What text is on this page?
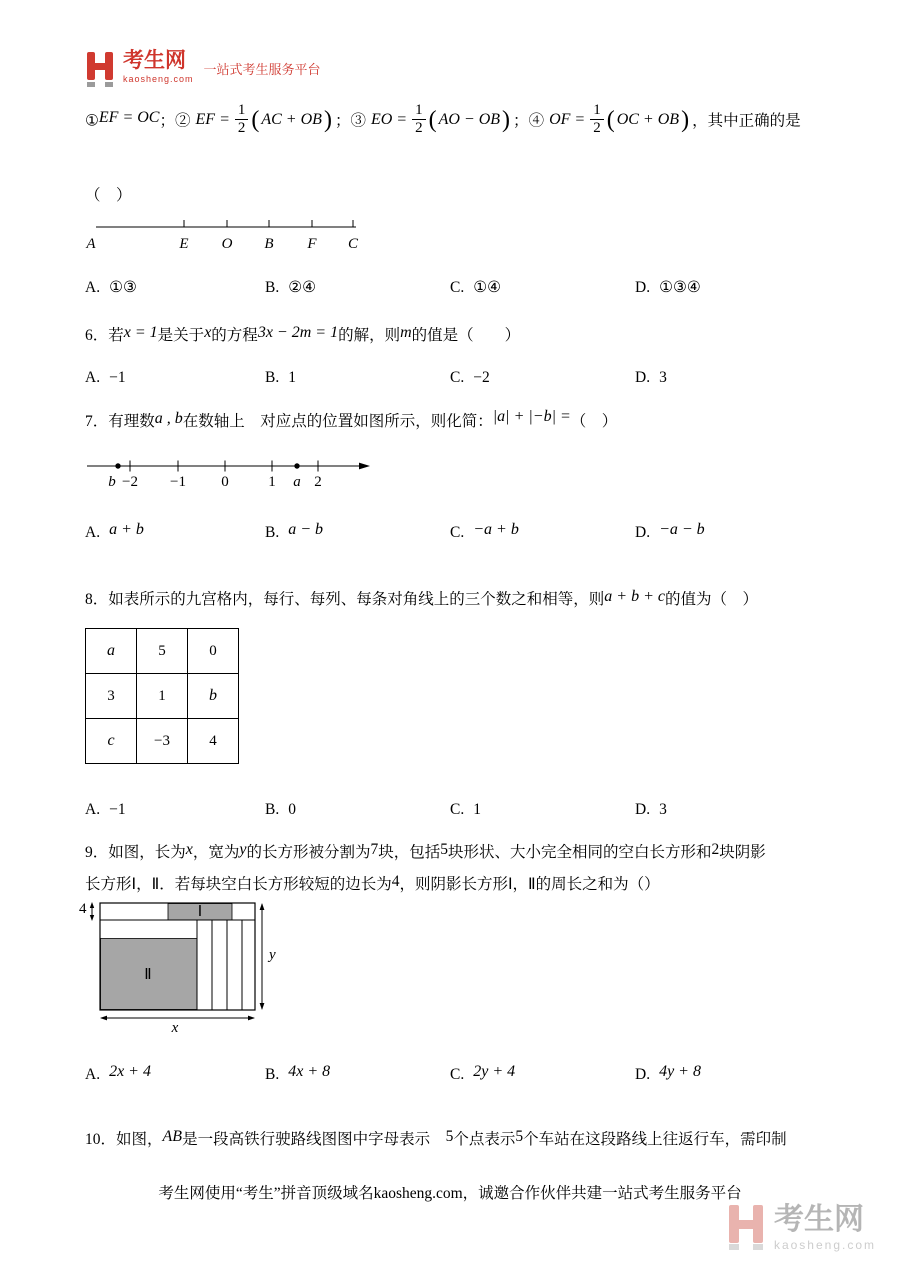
考生网
kaosheng.com
一站式考生服务平台
①EF = OC；② EF = $\frac{1}{2}$ ( AC + OB ) ；③ EO = $\frac{1}{2}$ ( AO − OB ) ；④ OF = $\frac{1}{2}$ ( OC + OB ) ，其中正确的是
（　）
A	E O B F C
A. ①③	B. ②④	C. ①④	D. ①③④
6．若x = 1是关于x的方程3x − 2m = 1的解，则m的值是（　　）
A. −1	B. 1	C. −2	D. 3
7．有理数a , b在数轴上　对应点的位置如图所示，则化简：|a| + |−b| =（　）
b −2 −1 0	1 a 2
A. a + b	B. a − b	C. −a + b	D. −a − b
8．如表所示的九宫格内，每行、每列、每条对角线上的三个数之和相等，则a + b + c的值为（　）
a	5	0
3	1	b
c	−3	4
A. −1	B. 0	C. 1	D. 3
9．如图，长为x，宽为y的长方形被分割为7块，包括5块形状、大小完全相同的空白长方形和2块阴影
长方形Ⅰ，Ⅱ．若每块空白长方形较短的边长为4，则阴影长方形Ⅰ，Ⅱ的周长之和为（）
4	Ⅰ
Ⅱ
y
x
A. 2x + 4	B. 4x + 8	C. 2y + 4	D. 4y + 8
10．如图，AB是一段高铁行驶路线图图中字母表示　5个点表示5个车站在这段路线上往返行车，需印制
考生网使用“考生”拼音顶级域名kaosheng.com，诚邀合作伙伴共建一站式考生服务平台
考生网
kaosheng.com
